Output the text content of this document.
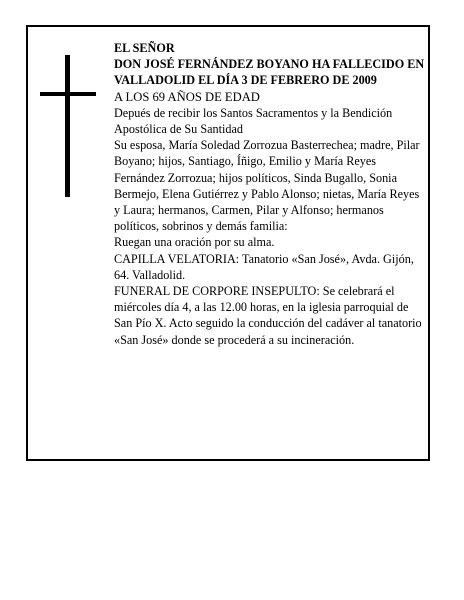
EL SEÑOR

DON JOSÉ FERNÁNDEZ BOYANO HA FALLECIDO EN VALLADOLID EL DÍA 3 DE FEBRERO DE 2009

A LOS 69 AÑOS DE EDAD

Depués de recibir los Santos Sacramentos y la Bendición Apostólica de Su Santidad

Su esposa, María Soledad Zorrozua Basterrechea; madre, Pilar Boyano; hijos, Santiago, Íñigo, Emilio y María Reyes Fernández Zorrozua; hijos políticos, Sinda Bugallo, Sonia Bermejo, Elena Gutiérrez y Pablo Alonso; nietas, María Reyes y Laura; hermanos, Carmen, Pilar y Alfonso; hermanos políticos, sobrinos y demás familia:

Ruegan una oración por su alma.

CAPILLA VELATORIA: Tanatorio «San José», Avda. Gijón, 64. Valladolid.

FUNERAL DE CORPORE INSEPULTO: Se celebrará el miércoles día 4, a las 12.00 horas, en la iglesia parroquial de San Pío X. Acto seguido la conducción del cadáver al tanatorio «San José» donde se procederá a su incineración.
